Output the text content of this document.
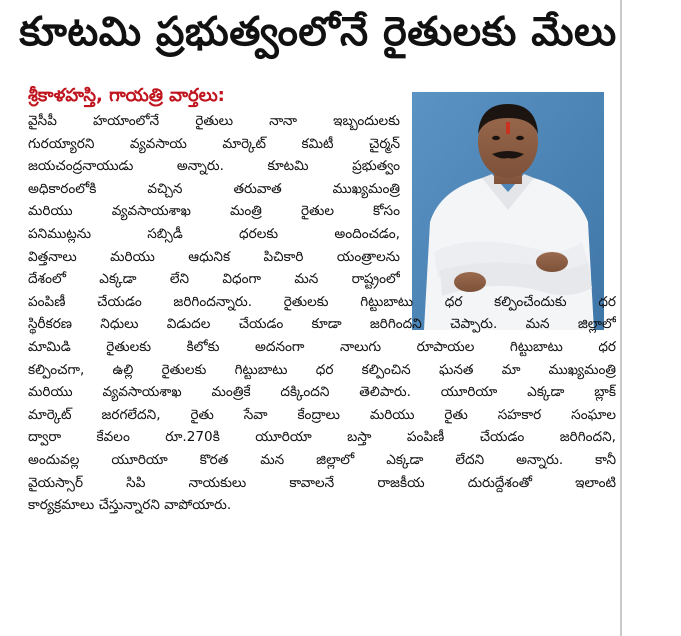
కూటమి ప్రభుత్వంలోనే రైతులకు మేలు
శ్రీకాళహస్తి, గాయత్రి వార్తలు:
వైసీపీ హయాంలోనే రైతులు నానా ఇబ్బందులకు
గురయ్యారని వ్యవసాయ మార్కెట్ కమిటీ చైర్మన్
జయచంద్రనాయుడు అన్నారు. కూటమి ప్రభుత్వం
అధికారంలోకి వచ్చిన తరువాత ముఖ్యమంత్రి
మరియు వ్యవసాయశాఖ మంత్రి రైతుల కోసం
పనిముట్లను సబ్సిడీ ధరలకు అందించడం,
విత్తనాలు మరియు ఆధునిక పిచికారి యంత్రాలను
దేశంలో ఎక్కడా లేని విధంగా మన రాష్ట్రంలో
పంపిణీ చేయడం జరిగిందన్నారు. రైతులకు గిట్టుబాటు ధర కల్పించేందుకు ధర
స్థిరీకరణ నిధులు విడుదల చేయడం కూడా జరిగిందని చెప్పారు. మన జిల్లాలో
మామిడి రైతులకు కిలోకు అదనంగా నాలుగు రూపాయల గిట్టుబాటు ధర
కల్పించగా, ఉల్లి రైతులకు గిట్టుబాటు ధర కల్పించిన ఘనత మా ముఖ్యమంత్రి
మరియు వ్యవసాయశాఖ మంత్రికే దక్కిందని తెలిపారు. యూరియా ఎక్కడా బ్లాక్
మార్కెట్ జరగలేదని, రైతు సేవా కేంద్రాలు మరియు రైతు సహకార సంఘాల
ద్వారా కేవలం రూ.270కి యూరియా బస్తా పంపిణీ చేయడం జరిగిందని,
అందువల్ల యూరియా కొరత మన జిల్లాలో ఎక్కడా లేదని అన్నారు. కానీ
వైయస్సార్ సిపి నాయకులు కావాలనే రాజకీయ దురుద్దేశంతో ఇలాంటి
కార్యక్రమాలు చేస్తున్నారని వాపోయారు.
